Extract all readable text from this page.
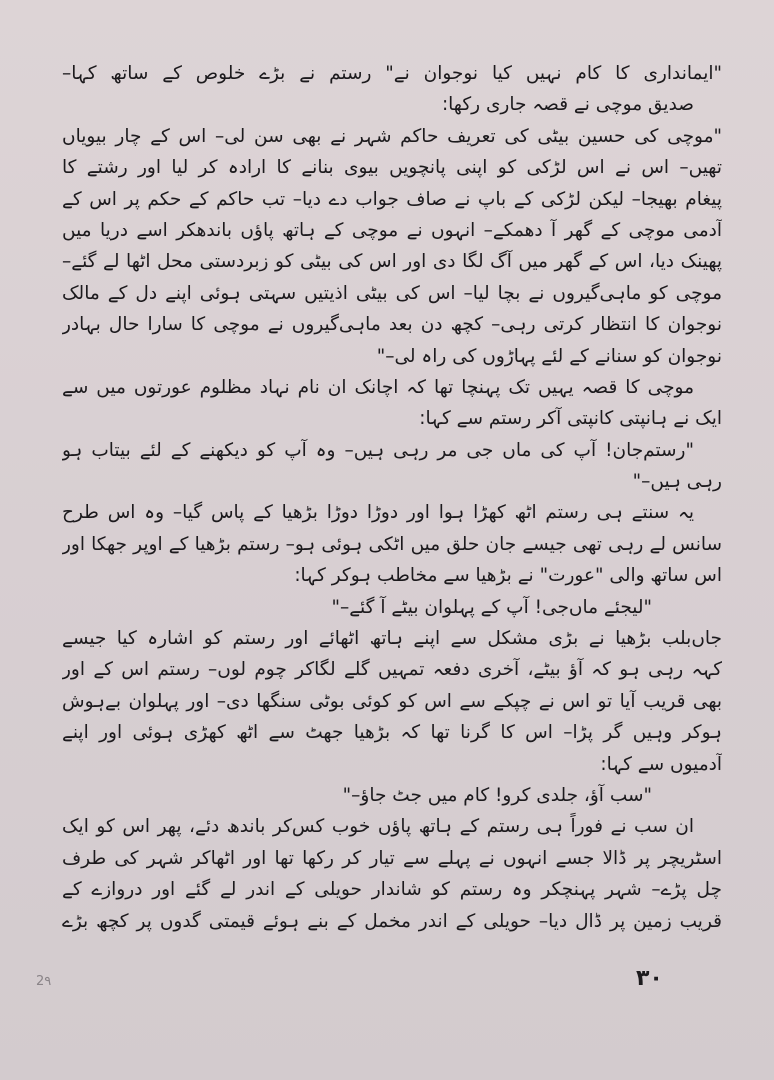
"ایمانداری کا کام نہیں کیا نوجوان نے" رستم نے بڑے خلوص کے ساتھ کہا–
صدیق موچی نے قصہ جاری رکھا:
"موچی کی حسین بیٹی کی تعریف حاکم شہر نے بھی سن لی– اس کے چار بیویاں
تھیں– اس نے اس لڑکی کو اپنی پانچویں بیوی بنانے کا ارادہ کر لیا اور رشتے کا
پیغام بھیجا– لیکن لڑکی کے باپ نے صاف جواب دے دیا– تب حاکم کے حکم پر اس کے
آدمی موچی کے گھر آ دھمکے– انہوں نے موچی کے ہاتھ پاؤں باندھکر اسے دریا میں
پھینک دیا، اس کے گھر میں آگ لگا دی اور اس کی بیٹی کو زبردستی محل اٹھا لے گئے–
موچی کو ماہی‌گیروں نے بچا لیا– اس کی بیٹی اذیتیں سہتی ہوئی اپنے دل کے مالک
نوجوان کا انتظار کرتی رہی– کچھ دن بعد ماہی‌گیروں نے موچی کا سارا حال بہادر
نوجوان کو سنانے کے لئے پہاڑوں کی راہ لی–"
موچی کا قصہ یہیں تک پہنچا تھا کہ اچانک ان نام نہاد مظلوم عورتوں میں سے
ایک نے ہانپتی کانپتی آکر رستم سے کہا:
"رستم‌جان! آپ کی ماں جی مر رہی ہیں– وہ آپ کو دیکھنے کے لئے بیتاب ہو
رہی ہیں–"
یہ سنتے ہی رستم اٹھ کھڑا ہوا اور دوڑا دوڑا بڑھیا کے پاس گیا– وہ اس طرح
سانس لے رہی تھی جیسے جان حلق میں اٹکی ہوئی ہو– رستم بڑھیا کے اوپر جھکا اور
اس ساتھ والی "عورت" نے بڑھیا سے مخاطب ہوکر کہا:
"لیجئے ماں‌جی! آپ کے پہلوان بیٹے آ گئے–"
جاں‌بلب بڑھیا نے بڑی مشکل سے اپنے ہاتھ اٹھائے اور رستم کو اشارہ کیا جیسے
کہہ رہی ہو کہ آؤ بیٹے، آخری دفعہ تمہیں گلے لگاکر چوم لوں– رستم اس کے اور
بھی قریب آیا تو اس نے چپکے سے اس کو کوئی بوٹی سنگھا دی– اور پہلوان بےہوش
ہوکر وہیں گر پڑا– اس کا گرنا تھا کہ بڑھیا جھٹ سے اٹھ کھڑی ہوئی اور اپنے
آدمیوں سے کہا:
"سب آؤ، جلدی کرو! کام میں جٹ جاؤ–"
ان سب نے فوراً ہی رستم کے ہاتھ پاؤں خوب کس‌کر باندھ دئے، پھر اس کو ایک
اسٹریچر پر ڈالا جسے انہوں نے پہلے سے تیار کر رکھا تھا اور اٹھاکر شہر کی طرف
چل پڑے– شہر پہنچکر وہ رستم کو شاندار حویلی کے اندر لے گئے اور دروازے کے
قریب زمین پر ڈال دیا– حویلی کے اندر مخمل کے بنے ہوئے قیمتی گدوں پر کچھ بڑے
2۹	۳۰
